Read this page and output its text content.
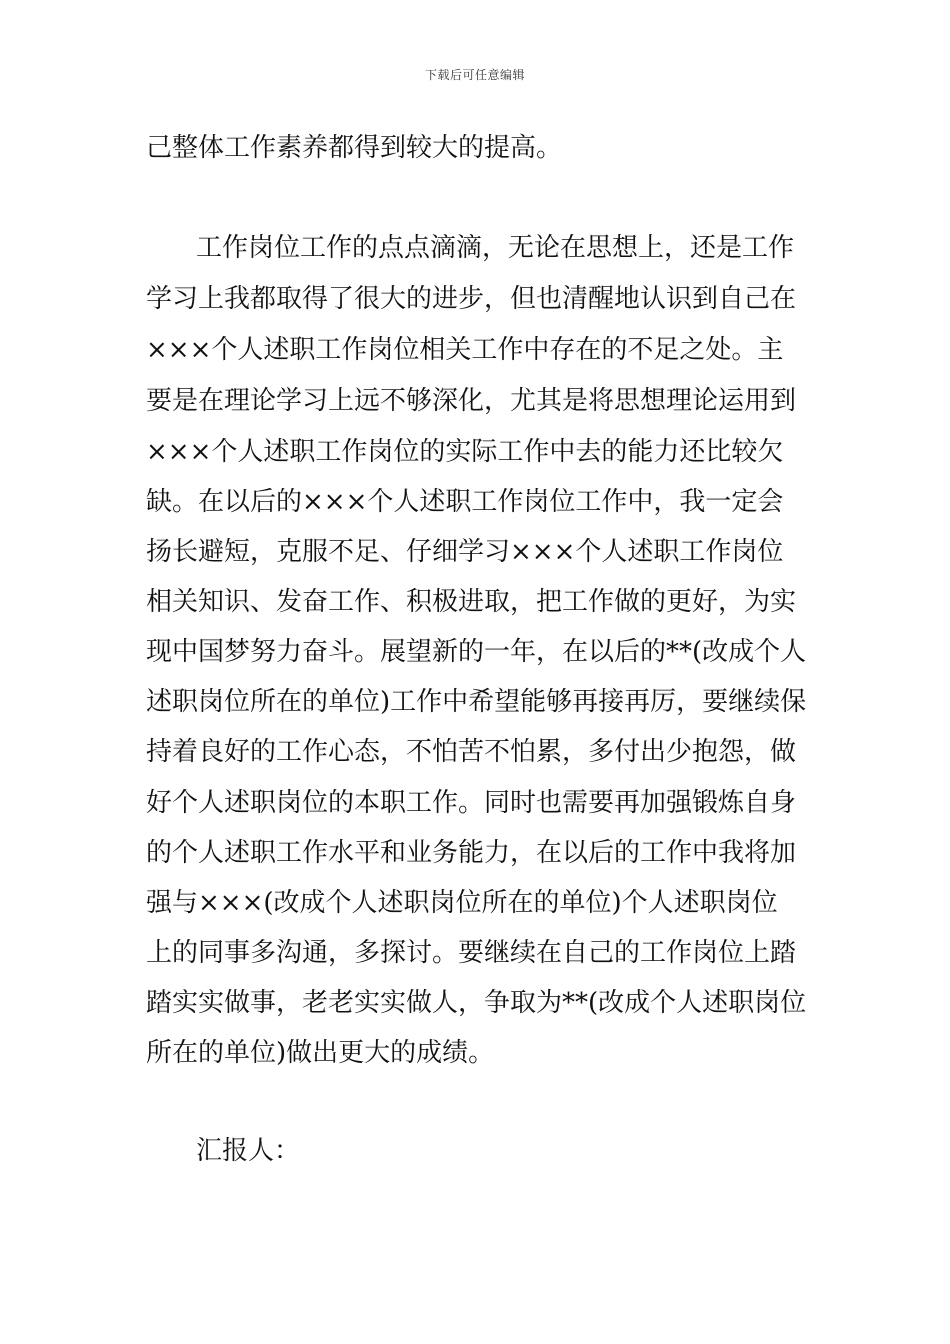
下载后可任意编辑
己整体工作素养都得到较大的提高。
工作岗位工作的点点滴滴，无论在思想上，还是工作
学习上我都取得了很大的进步，但也清醒地认识到自己在
×××个人述职工作岗位相关工作中存在的不足之处。主
要是在理论学习上远不够深化，尤其是将思想理论运用到
×××个人述职工作岗位的实际工作中去的能力还比较欠
缺。在以后的×××个人述职工作岗位工作中，我一定会
扬长避短，克服不足、仔细学习×××个人述职工作岗位
相关知识、发奋工作、积极进取，把工作做的更好，为实
现中国梦努力奋斗。展望新的一年，在以后的**(改成个人
述职岗位所在的单位)工作中希望能够再接再厉，要继续保
持着良好的工作心态，不怕苦不怕累，多付出少抱怨，做
好个人述职岗位的本职工作。同时也需要再加强锻炼自身
的个人述职工作水平和业务能力，在以后的工作中我将加
强与×××(改成个人述职岗位所在的单位)个人述职岗位
上的同事多沟通，多探讨。要继续在自己的工作岗位上踏
踏实实做事，老老实实做人，争取为**(改成个人述职岗位
所在的单位)做出更大的成绩。
汇报人：
